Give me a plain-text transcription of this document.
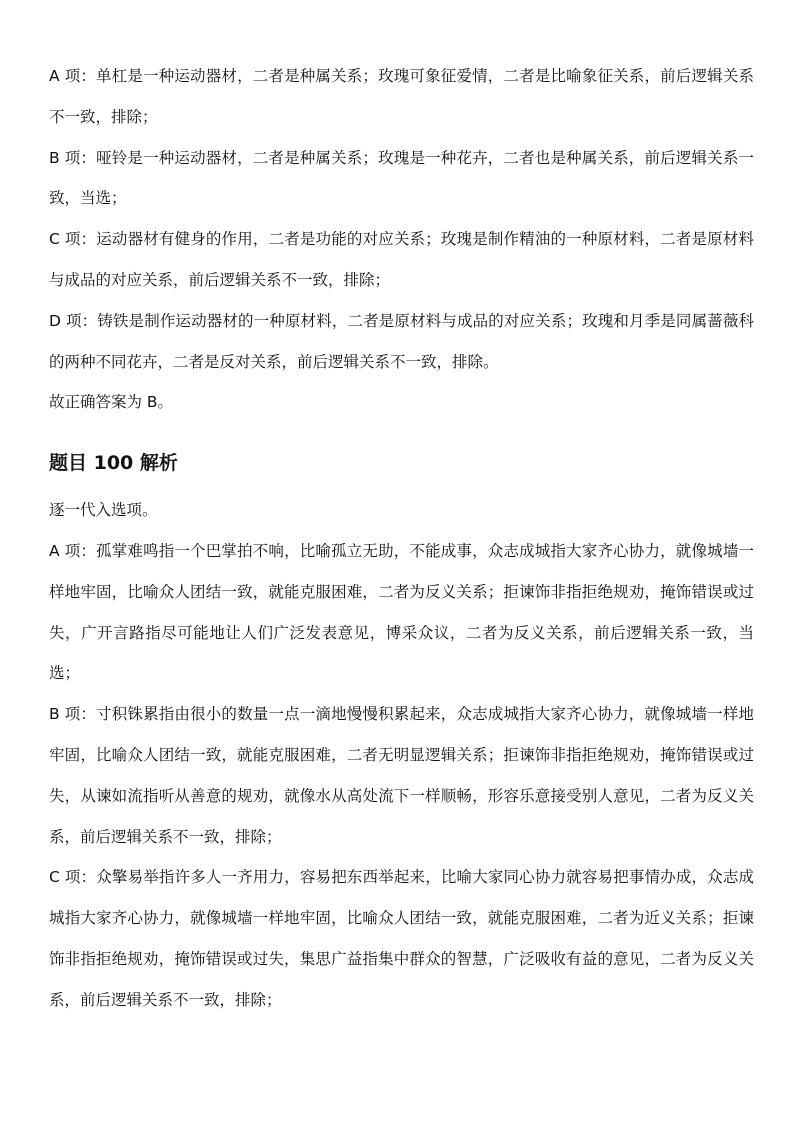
A 项：单杠是一种运动器材，二者是种属关系；玫瑰可象征爱情，二者是比喻象征关系，前后逻辑关系不一致，排除；

B 项：哑铃是一种运动器材，二者是种属关系；玫瑰是一种花卉，二者也是种属关系，前后逻辑关系一致，当选；

C 项：运动器材有健身的作用，二者是功能的对应关系；玫瑰是制作精油的一种原材料，二者是原材料与成品的对应关系，前后逻辑关系不一致，排除；

D 项：铸铁是制作运动器材的一种原材料，二者是原材料与成品的对应关系；玫瑰和月季是同属蔷薇科的两种不同花卉，二者是反对关系，前后逻辑关系不一致，排除。

故正确答案为 B。

题目 100 解析

逐一代入选项。

A 项：孤掌难鸣指一个巴掌拍不响，比喻孤立无助，不能成事，众志成城指大家齐心协力，就像城墙一样地牢固，比喻众人团结一致，就能克服困难，二者为反义关系；拒谏饰非指拒绝规劝，掩饰错误或过失，广开言路指尽可能地让人们广泛发表意见，博采众议，二者为反义关系，前后逻辑关系一致，当选；

B 项：寸积铢累指由很小的数量一点一滴地慢慢积累起来，众志成城指大家齐心协力，就像城墙一样地牢固，比喻众人团结一致，就能克服困难，二者无明显逻辑关系；拒谏饰非指拒绝规劝，掩饰错误或过失，从谏如流指听从善意的规劝，就像水从高处流下一样顺畅，形容乐意接受别人意见，二者为反义关系，前后逻辑关系不一致，排除；

C 项：众擎易举指许多人一齐用力，容易把东西举起来，比喻大家同心协力就容易把事情办成，众志成城指大家齐心协力，就像城墙一样地牢固，比喻众人团结一致，就能克服困难，二者为近义关系；拒谏饰非指拒绝规劝，掩饰错误或过失，集思广益指集中群众的智慧，广泛吸收有益的意见，二者为反义关系，前后逻辑关系不一致，排除；
